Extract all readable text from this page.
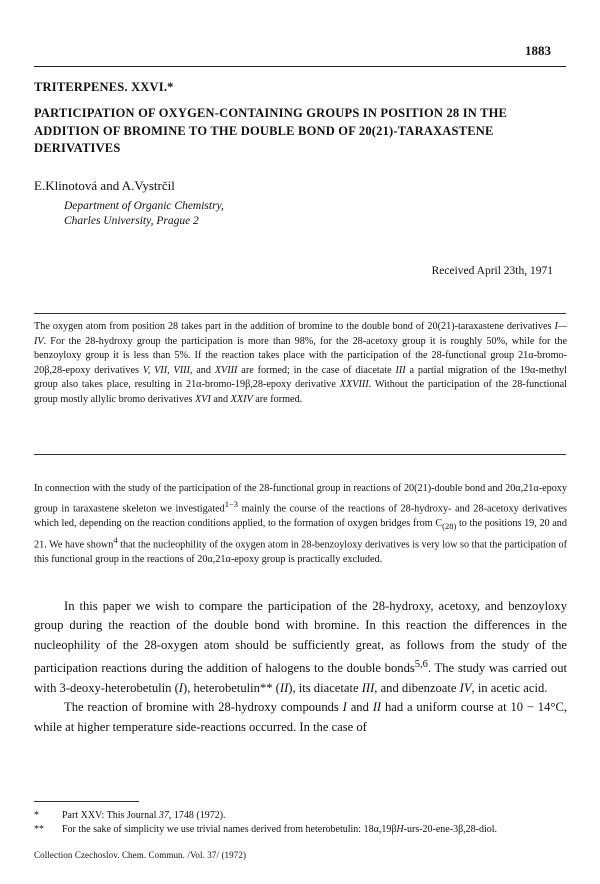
1883
TRITERPENES. XXVI.*
PARTICIPATION OF OXYGEN-CONTAINING GROUPS IN POSITION 28 IN THE ADDITION OF BROMINE TO THE DOUBLE BOND OF 20(21)-TARAXASTENE DERIVATIVES
E.Klinotová and A.Vystrčil
Department of Organic Chemistry,
Charles University, Prague 2
Received April 23th, 1971
The oxygen atom from position 28 takes part in the addition of bromine to the double bond of 20(21)-taraxastene derivatives I—IV. For the 28-hydroxy group the participation is more than 98%, for the 28-acetoxy group it is roughly 50%, while for the benzoyloxy group it is less than 5%. If the reaction takes place with the participation of the 28-functional group 21α-bromo-20β,28-epoxy derivatives V, VII, VIII, and XVIII are formed; in the case of diacetate III a partial migration of the 19α-methyl group also takes place, resulting in 21α-bromo-19β,28-epoxy derivative XXVIII. Without the participation of the 28-functional group mostly allylic bromo derivatives XVI and XXIV are formed.
In connection with the study of the participation of the 28-functional group in reactions of 20(21)-double bond and 20α,21α-epoxy group in taraxastene skeleton we investigated$^{1-3}$ mainly the course of the reactions of 28-hydroxy- and 28-acetoxy derivatives which led, depending on the reaction conditions applied, to the formation of oxygen bridges from $C_{(28)}$ to the positions 19, 20 and 21. We have shown$^4$ that the nucleophility of the oxygen atom in 28-benzoyloxy derivatives is very low so that the participation of this functional group in the reactions of 20α,21α-epoxy group is practically excluded.

In this paper we wish to compare the participation of the 28-hydroxy, acetoxy, and benzoyloxy group during the reaction of the double bond with bromine. In this reaction the differences in the nucleophility of the 28-oxygen atom should be sufficiently great, as follows from the study of the participation reactions during the addition of halogens to the double bonds$^{5,6}$. The study was carried out with 3-deoxy-heterobetulin (I), heterobetulin** (II), its diacetate III, and dibenzoate IV, in acetic acid.

The reaction of bromine with 28-hydroxy compounds I and II had a uniform course at 10 − 14°C, while at higher temperature side-reactions occurred. In the case of

*	Part XXV: This Journal 37, 1748 (1972).
** For the sake of simplicity we use trivial names derived from heterobetulin: 18α,19βH-urs-20-ene-3β,28-diol.
Collection Czechoslov. Chem. Commun. /Vol. 37/ (1972)
